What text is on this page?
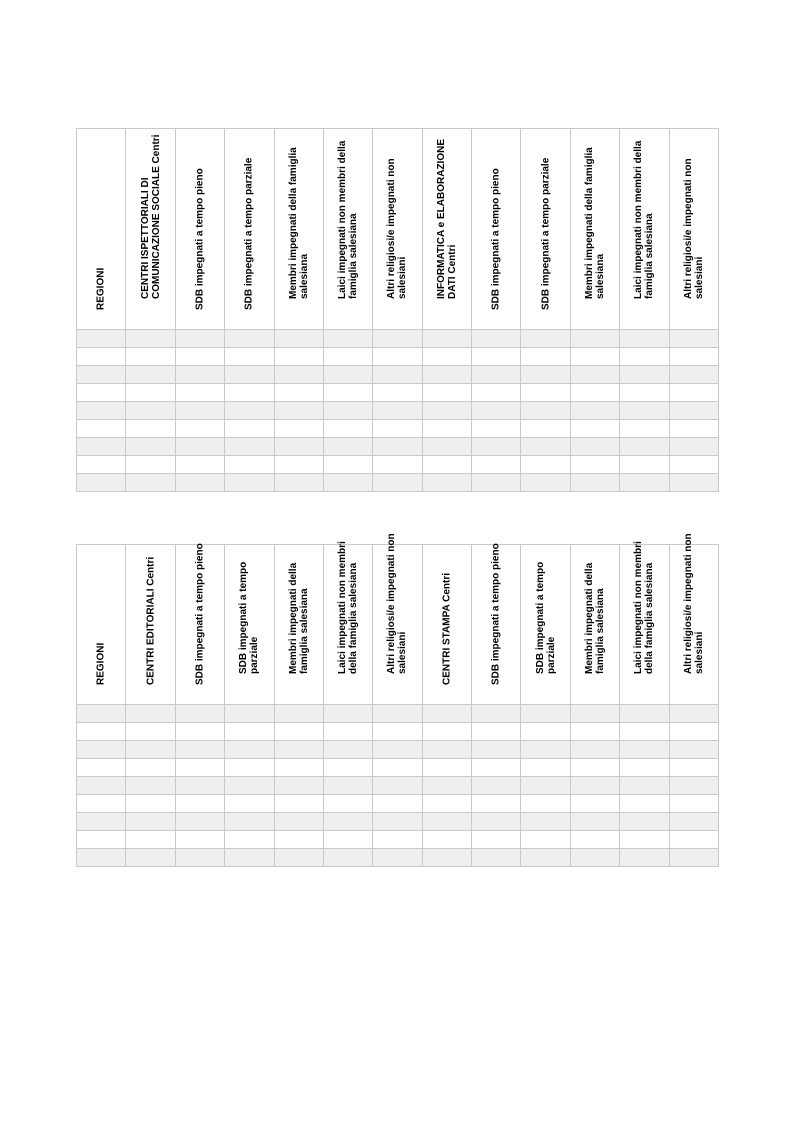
REGIONI	CENTRI ISPETTORIALI DI COMUNICAZIONE SOCIALE Centri	SDB impegnati a tempo pieno	SDB impegnati a tempo parziale	Membri impegnati della famiglia salesiana	Laici impegnati non membri della famiglia salesiana	Altri religiosi/e impegnati non salesiani	INFORMATICA e ELABORAZIONE DATI Centri	SDB impegnati a tempo pieno	SDB impegnati a tempo parziale	Membri impegnati della famiglia salesiana	Laici impegnati non membri della famiglia salesiana	Altri religiosi/e impegnati non salesiani

REGIONI	CENTRI EDITORIALI Centri	SDB impegnati a tempo pieno	SDB impegnati a tempo parziale	Membri impegnati della famiglia salesiana	Laici impegnati non membri della famiglia salesiana	Altri religiosi/e impegnati non salesiani	CENTRI STAMPA Centri	SDB impegnati a tempo pieno	SDB impegnati a tempo parziale	Membri impegnati della famiglia salesiana	Laici impegnati non membri della famiglia salesiana	Altri religiosi/e impegnati non salesiani
